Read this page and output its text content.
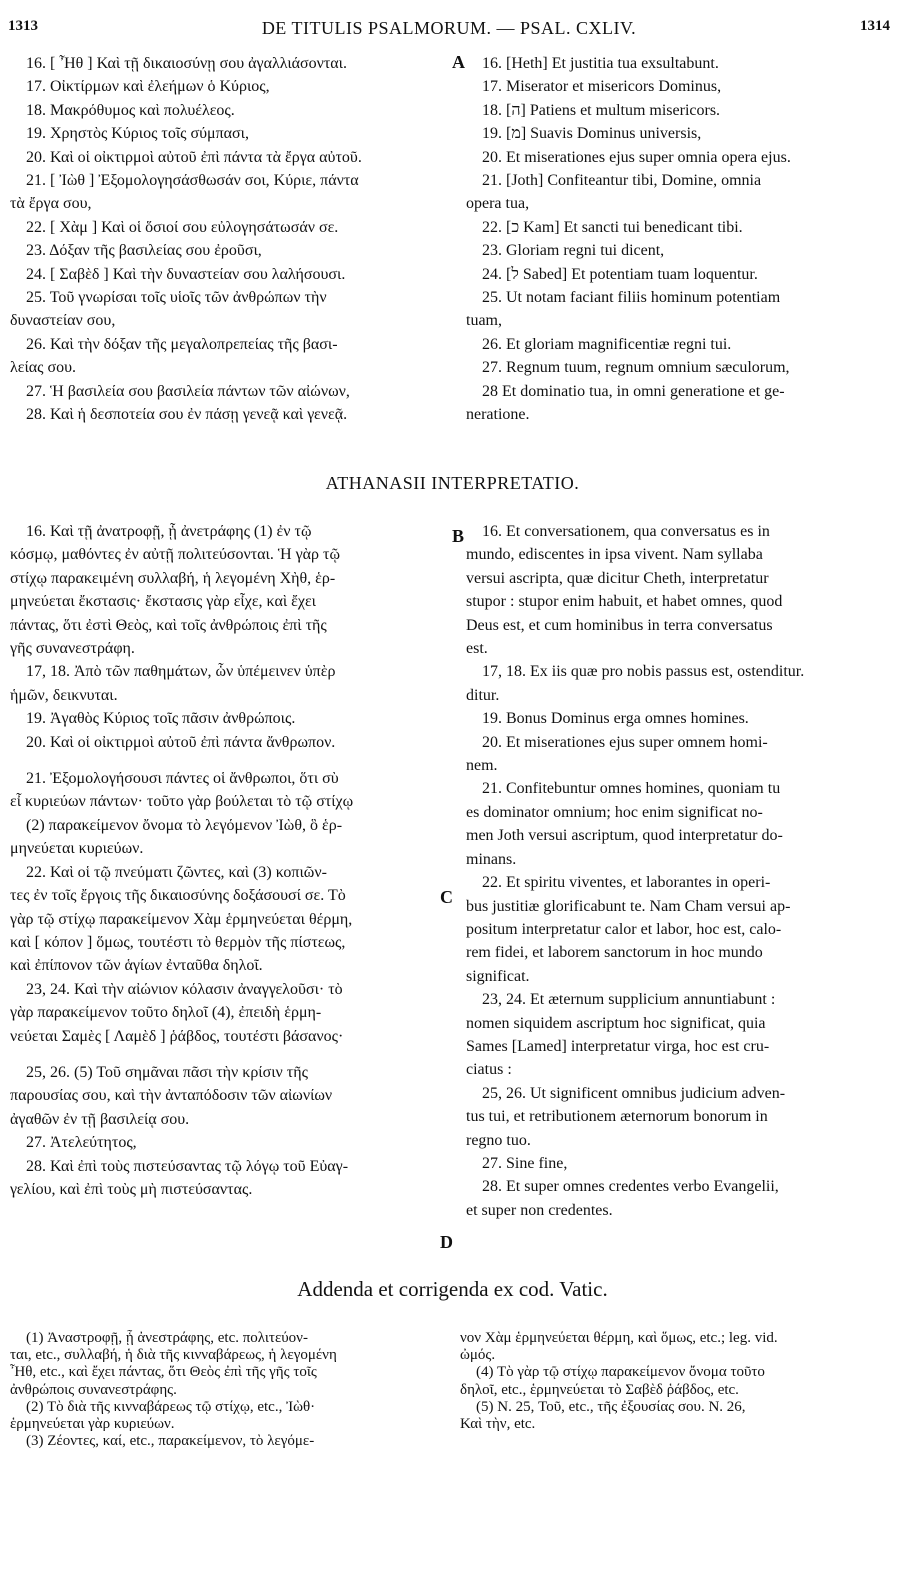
1313	DE TITULIS PSALMORUM. — PSAL. CXLIV.	1314
16. [ Ἦθ ] Καὶ τῇ δικαιοσύνῃ σου ἀγαλλιάσονται.
17. Οἰκτίρμων καὶ ἐλεήμων ὁ Κύριος,
18. Μακρόθυμος καὶ πολυέλεος.
19. Χρηστὸς Κύριος τοῖς σύμπασι,
20. Καὶ οἱ οἰκτιρμοὶ αὐτοῦ ἐπὶ πάντα τὰ ἔργα αὐτοῦ.
21. [ Ἰὼθ ] Ἐξομολογησάσθωσάν σοι, Κύριε, πάντα
τὰ ἔργα σου,
22. [ Χὰμ ] Καὶ οἱ ὅσιοί σου εὐλογησάτωσάν σε.
23. Δόξαν τῆς βασιλείας σου ἐροῦσι,
24. [ Σαβὲδ ] Καὶ τὴν δυναστείαν σου λαλήσουσι.
25. Τοῦ γνωρίσαι τοῖς υἱοῖς τῶν ἀνθρώπων τὴν
δυναστείαν σου,
26. Καὶ τὴν δόξαν τῆς μεγαλοπρεπείας τῆς βασι-
λείας σου.
27. Ἡ βασιλεία σου βασιλεία πάντων τῶν αἰώνων,
28. Καὶ ἡ δεσποτεία σου ἐν πάσῃ γενεᾷ καὶ γενεᾷ.
A	16. [Heth] Et justitia tua exsultabunt.
17. Miserator et misericors Dominus,
18. [ה] Patiens et multum misericors.
19. [מ] Suavis Dominus universis,
20. Et miserationes ejus super omnia opera ejus.
21. [Joth] Confiteantur tibi, Domine, omnia
opera tua,
22. [כ Kam] Et sancti tui benedicant tibi.
23. Gloriam regni tui dicent,
24. [ל Sabed] Et potentiam tuam loquentur.
25. Ut notam faciant filiis hominum potentiam
tuam,
26. Et gloriam magnificentiæ regni tui.
27. Regnum tuum, regnum omnium sæculorum,
28 Et dominatio tua, in omni generatione et ge-
neratione.
ATHANASII INTERPRETATIO.
16. Καὶ τῇ ἀνατροφῇ, ᾗ ἀνετράφης (1) ἐν τῷ
κόσμῳ, μαθόντες ἐν αὐτῇ πολιτεύσονται. Ἡ γὰρ τῷ
στίχῳ παρακειμένη συλλαβή, ἡ λεγομένη Χὴθ, ἑρ-
μηνεύεται ἔκστασις· ἔκστασις γὰρ εἶχε, καὶ ἔχει
πάντας, ὅτι ἐστὶ Θεὸς, καὶ τοῖς ἀνθρώποις ἐπὶ τῆς
γῆς συνανεστράφη.
17, 18. Ἀπὸ τῶν παθημάτων, ὧν ὑπέμεινεν ὑπὲρ
ἡμῶν, δεικνυται.
19. Ἀγαθὸς Κύριος τοῖς πᾶσιν ἀνθρώποις.
20. Καὶ οἱ οἰκτιρμοὶ αὐτοῦ ἐπὶ πάντα ἄνθρωπον.
21. Ἐξομολογήσουσι πάντες οἱ ἄνθρωποι, ὅτι σὺ
εἶ κυριεύων πάντων· τοῦτο γὰρ βούλεται τὸ τῷ στίχῳ
(2) παρακείμενον ὄνομα τὸ λεγόμενον Ἰὼθ, ὃ ἑρ-
μηνεύεται κυριεύων.
22. Καὶ οἱ τῷ πνεύματι ζῶντες, καὶ (3) κοπιῶν-
τες ἐν τοῖς ἔργοις τῆς δικαιοσύνης δοξάσουσί σε. Τὸ
γὰρ τῷ στίχῳ παρακείμενον Χὰμ ἑρμηνεύεται θέρμη,
καὶ [ κόπον ] ὅμως, τουτέστι τὸ θερμὸν τῆς πίστεως,
καὶ ἐπίπονον τῶν ἁγίων ἐνταῦθα δηλοῖ.
23, 24. Καὶ τὴν αἰώνιον κόλασιν ἀναγγελοῦσι· τὸ
γὰρ παρακείμενον τοῦτο δηλοῖ (4), ἐπειδὴ ἑρμη-
νεύεται Σαμὲς [ Λαμὲδ ] ῥάβδος, τουτέστι βάσανος·
25, 26. (5) Τοῦ σημᾶναι πᾶσι τὴν κρίσιν τῆς
παρουσίας σου, καὶ τὴν ἀνταπόδοσιν τῶν αἰωνίων
ἀγαθῶν ἐν τῇ βασιλείᾳ σου.
27. Ἀτελεύτητος,
28. Καὶ ἐπὶ τοὺς πιστεύσαντας τῷ λόγῳ τοῦ Εὐαγ-
γελίου, καὶ ἐπὶ τοὺς μὴ πιστεύσαντας.
B
C
D
16. Et conversationem, qua conversatus es in
mundo, ediscentes in ipsa vivent. Nam syllaba
versui ascripta, quæ dicitur Cheth, interpretatur
stupor : stupor enim habuit, et habet omnes, quod
Deus est, et cum hominibus in terra conversatus
est.
17, 18. Ex iis quæ pro nobis passus est, ostenditur.
ditur.
19. Bonus Dominus erga omnes homines.
20. Et miserationes ejus super omnem homi-
nem.
21. Confitebuntur omnes homines, quoniam tu
es dominator omnium; hoc enim significat no-
men Joth versui ascriptum, quod interpretatur do-
minans.
22. Et spiritu viventes, et laborantes in operi-
bus justitiæ glorificabunt te. Nam Cham versui ap-
positum interpretatur calor et labor, hoc est, calo-
rem fidei, et laborem sanctorum in hoc mundo
significat.
23, 24. Et æternum supplicium annuntiabunt :
nomen siquidem ascriptum hoc significat, quia
Sames [Lamed] interpretatur virga, hoc est cru-
ciatus :
25, 26. Ut significent omnibus judicium adven-
tus tui, et retributionem æternorum bonorum in
regno tuo.
27. Sine fine,
28. Et super omnes credentes verbo Evangelii,
et super non credentes.
Addenda et corrigenda ex cod. Vatic.
(1) Ἀναστροφῇ, ᾗ ἀνεστράφης, etc. πολιτεύον-
ται, etc., συλλαβή, ἡ διὰ τῆς κινναβάρεως, ἡ λεγομένη
Ἦθ, etc., καὶ ἔχει πάντας, ὅτι Θεὸς ἐπὶ τῆς γῆς τοῖς
ἀνθρώποις συνανεστράφης.
(2) Τὸ διὰ τῆς κινναβάρεως τῷ στίχῳ, etc., Ἰὼθ·
ἑρμηνεύεται γὰρ κυριεύων.
(3) Ζέοντες, καί, etc., παρακείμενον, τὸ λεγόμε-
νον Χὰμ ἑρμηνεύεται θέρμη, καὶ ὅμως, etc.; leg. vid.
ὠμός.
(4) Τὸ γὰρ τῷ στίχῳ παρακείμενον ὄνομα τοῦτο
δηλοῖ, etc., ἑρμηνεύεται τὸ Σαβὲδ ῥάβδος, etc.
(5) N. 25, Τοῦ, etc., τῆς ἐξουσίας σου. N. 26,
Καὶ τὴν, etc.
